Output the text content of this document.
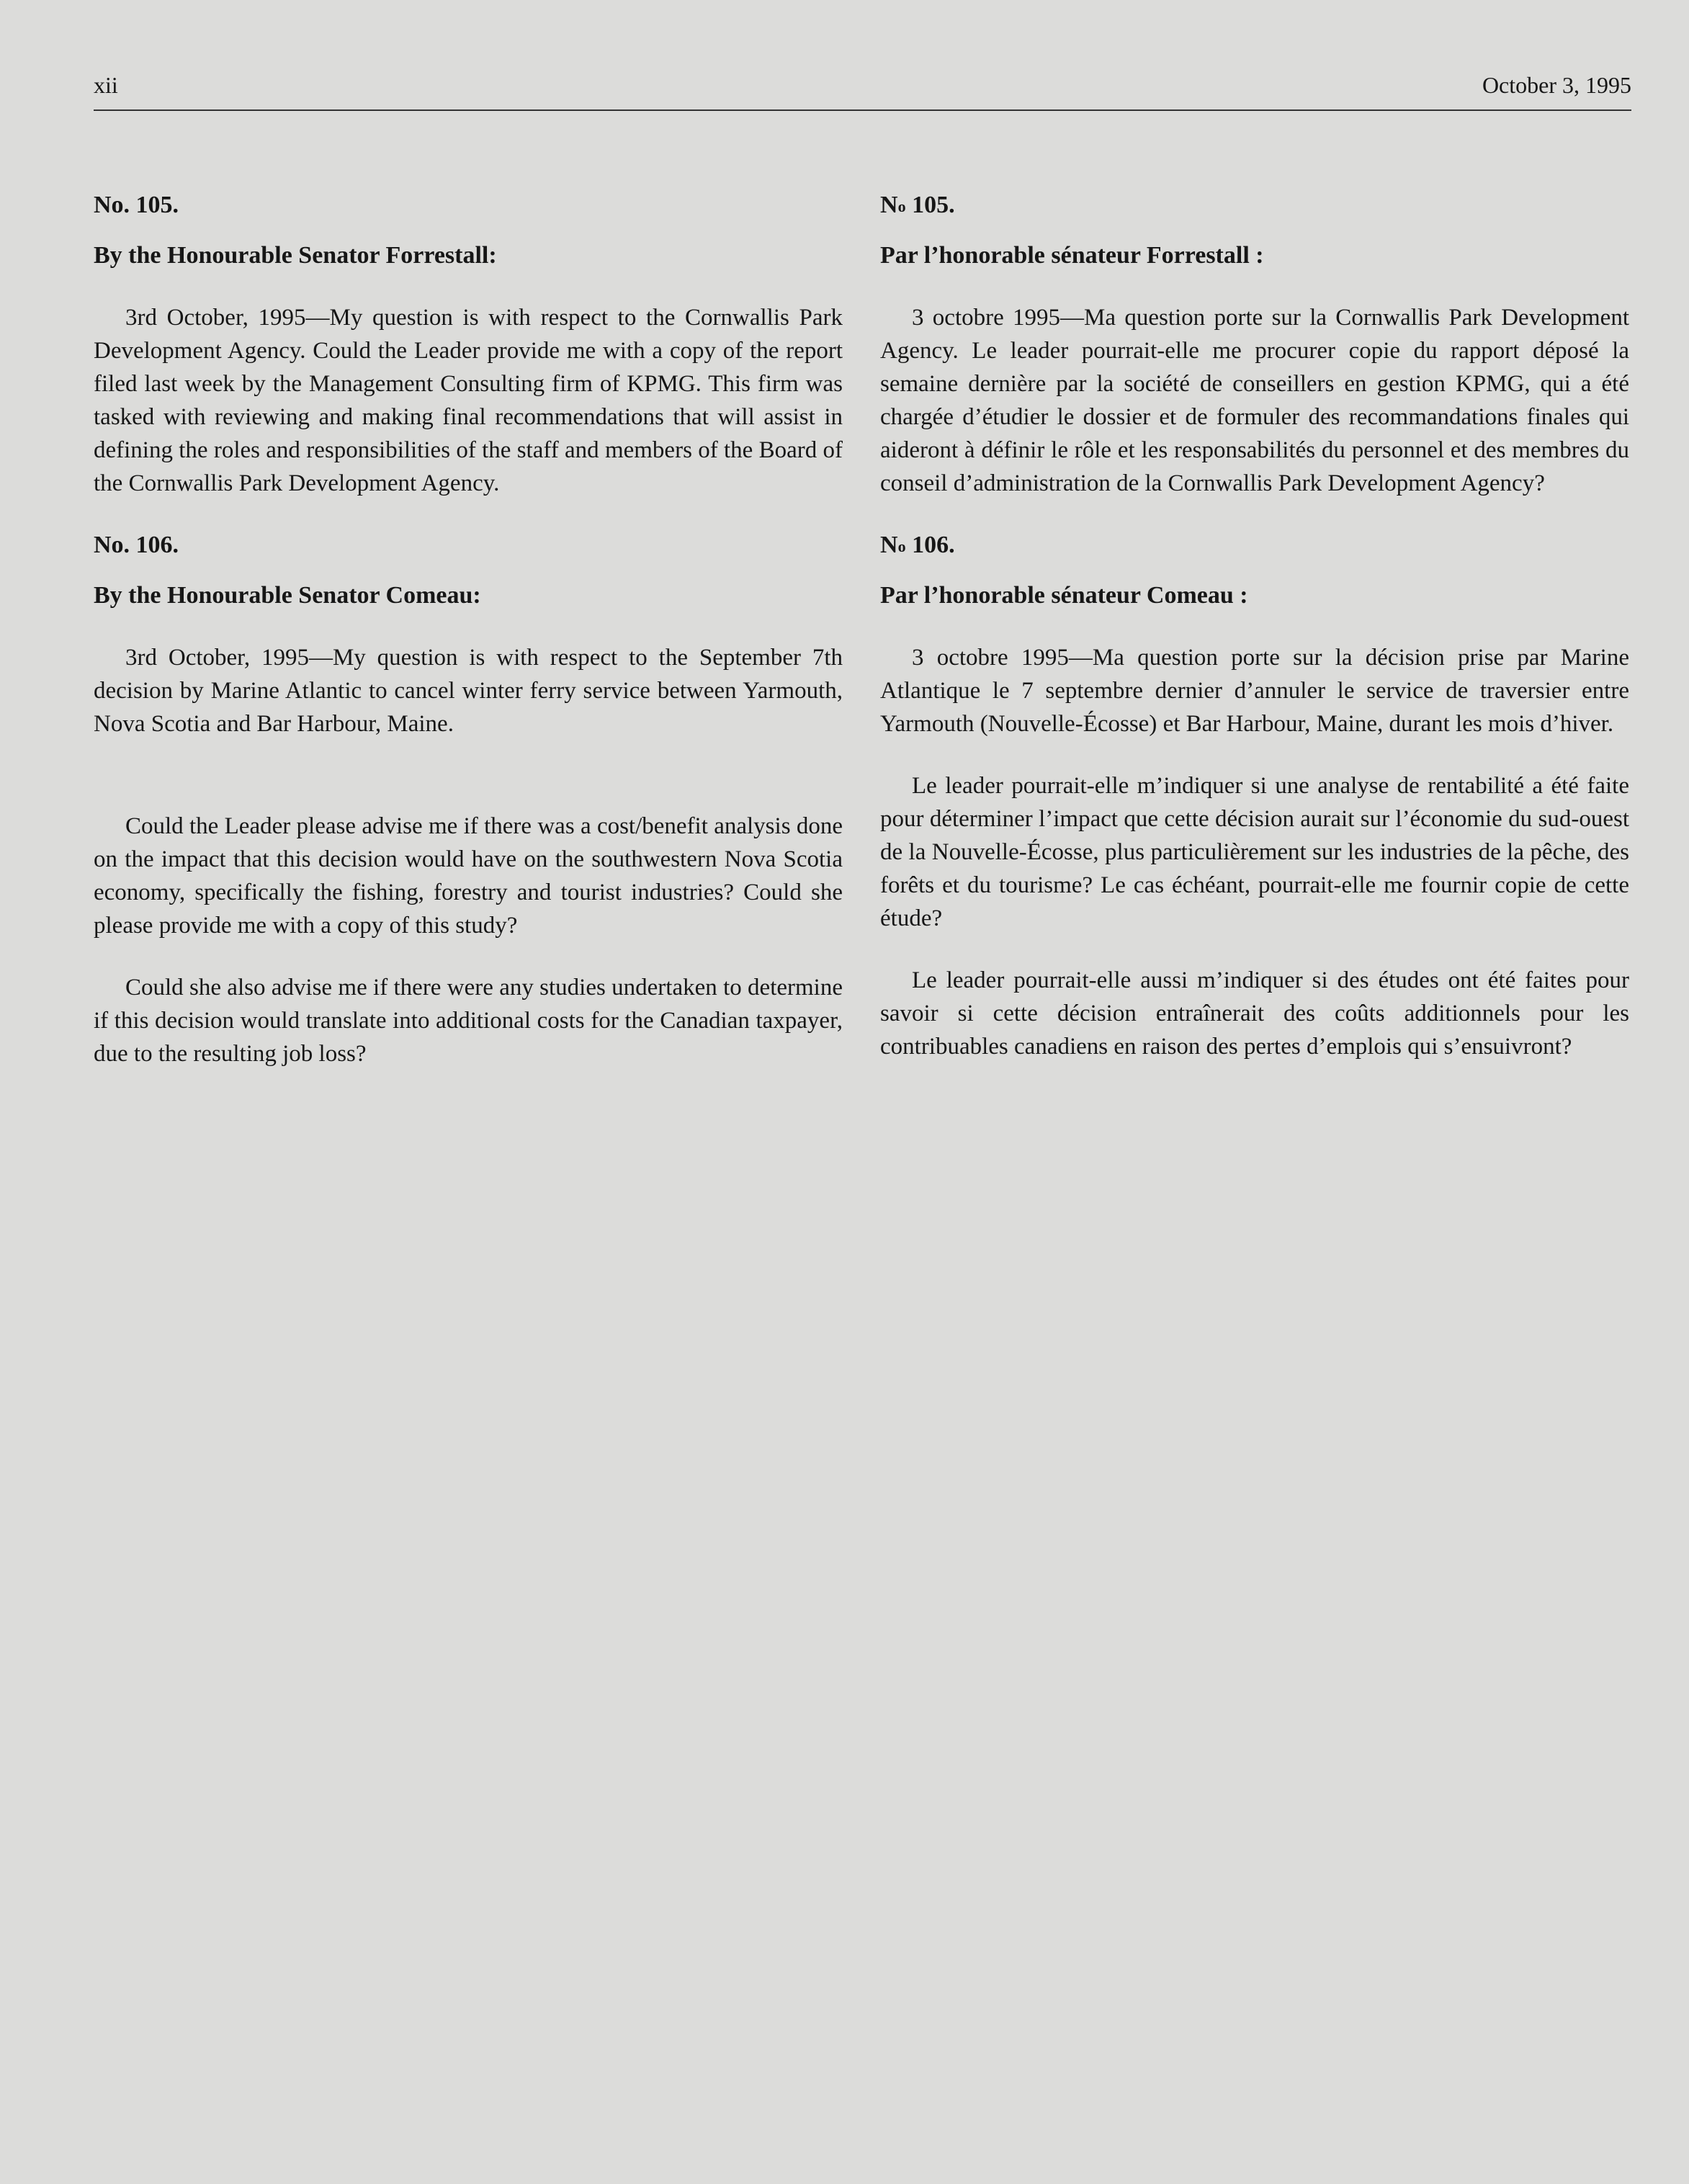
xii	October 3, 1995
No. 105.
By the Honourable Senator Forrestall:

3rd October, 1995—My question is with respect to the Cornwallis Park Development Agency. Could the Leader provide me with a copy of the report filed last week by the Management Consulting firm of KPMG. This firm was tasked with reviewing and making final recommendations that will assist in defining the roles and responsibilities of the staff and members of the Board of the Cornwallis Park Development Agency.

No. 106.
By the Honourable Senator Comeau:

3rd October, 1995—My question is with respect to the September 7th decision by Marine Atlantic to cancel winter ferry service between Yarmouth, Nova Scotia and Bar Harbour, Maine.

Could the Leader please advise me if there was a cost/benefit analysis done on the impact that this decision would have on the southwestern Nova Scotia economy, specifically the fishing, forestry and tourist industries? Could she please provide me with a copy of this study?

Could she also advise me if there were any studies undertaken to determine if this decision would translate into additional costs for the Canadian taxpayer, due to the resulting job loss?

$N^o$ 105.
Par l’honorable sénateur Forrestall :

3 octobre 1995—Ma question porte sur la Cornwallis Park Development Agency. Le leader pourrait-elle me procurer copie du rapport déposé la semaine dernière par la société de conseillers en gestion KPMG, qui a été chargée d’étudier le dossier et de formuler des recommandations finales qui aideront à définir le rôle et les responsabilités du personnel et des membres du conseil d’administration de la Cornwallis Park Development Agency?

$N^o$ 106.
Par l’honorable sénateur Comeau :

3 octobre 1995—Ma question porte sur la décision prise par Marine Atlantique le 7 septembre dernier d’annuler le service de traversier entre Yarmouth (Nouvelle-Écosse) et Bar Harbour, Maine, durant les mois d’hiver.

Le leader pourrait-elle m’indiquer si une analyse de rentabilité a été faite pour déterminer l’impact que cette décision aurait sur l’économie du sud-ouest de la Nouvelle-Écosse, plus particulièrement sur les industries de la pêche, des forêts et du tourisme? Le cas échéant, pourrait-elle me fournir copie de cette étude?

Le leader pourrait-elle aussi m’indiquer si des études ont été faites pour savoir si cette décision entraînerait des coûts additionnels pour les contribuables canadiens en raison des pertes d’emplois qui s’ensuivront?
